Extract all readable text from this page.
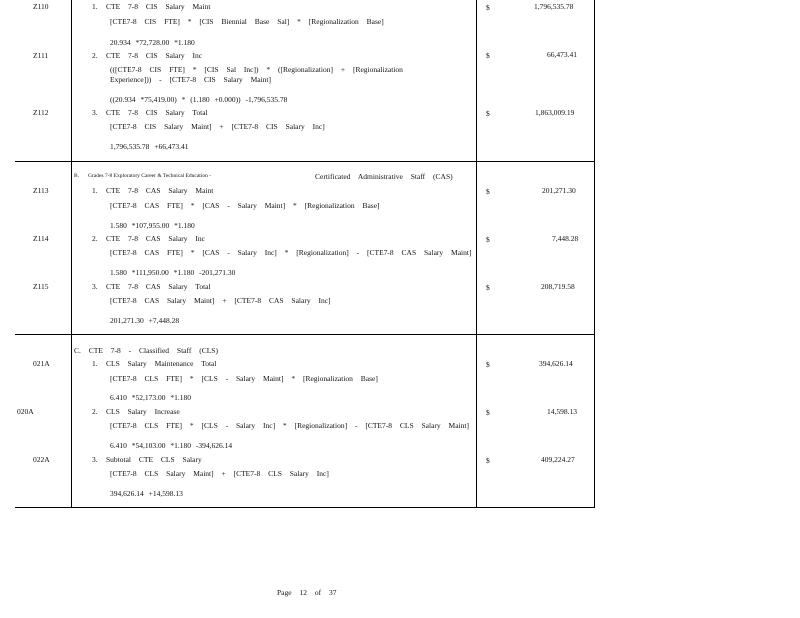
Z110	1. CTE 7-8 CIS Salary Maint
[CTE7-8 CIS FTE] * [CIS Biennial Base Sal] * [Regionalization Base]
20.934 *72,728.00 *1.180
$	1,796,535.78
Z111	2. CTE 7-8 CIS Salary Inc
(([CTE7-8 CIS FTE] * [CIS Sal Inc]) * ([Regionalization] + [Regionalization
Experience])) - [CTE7-8 CIS Salary Maint]
((20.934 *75,419.00) * (1.180 +0.000)) -1,796,535.78
$	66,473.41
Z112	3. CTE 7-8 CIS Salary Total
[CTE7-8 CIS Salary Maint] + [CTE7-8 CIS Salary Inc]
1,796,535.78 +66,473.41
$	1,863,009.19
B. Grades 7-8 Exploratory Career & Technical Education -	Certificated Administrative Staff (CAS)
Z113	1. CTE 7-8 CAS Salary Maint
[CTE7-8 CAS FTE] * [CAS - Salary Maint] * [Regionalization Base]
1.580 *107,955.00 *1.180
$	201,271.30
Z114	2. CTE 7-8 CAS Salary Inc
[CTE7-8 CAS FTE] * [CAS - Salary Inc] * [Regionalization] - [CTE7-8 CAS Salary Maint]
1.580 *111,950.00 *1.180 -201,271.30
$	7,448.28
Z115	3. CTE 7-8 CAS Salary Total
[CTE7-8 CAS Salary Maint] + [CTE7-8 CAS Salary Inc]
201,271.30 +7,448.28
$	208,719.58
C. CTE 7-8 - Classified Staff (CLS)
021A	1. CLS Salary Maintenance Total
[CTE7-8 CLS FTE] * [CLS - Salary Maint] * [Regionalization Base]
6.410 *52,173.00 *1.180
$	394,626.14
020A	2. CLS Salary Increase
[CTE7-8 CLS FTE] * [CLS - Salary Inc] * [Regionalization] - [CTE7-8 CLS Salary Maint]
6.410 *54,103.00 *1.180 -394,626.14
$	14,598.13
022A	3. Subtotal CTE CLS Salary
[CTE7-8 CLS Salary Maint] + [CTE7-8 CLS Salary Inc]
394,626.14 +14,598.13
$	409,224.27
Page 12 of 37
